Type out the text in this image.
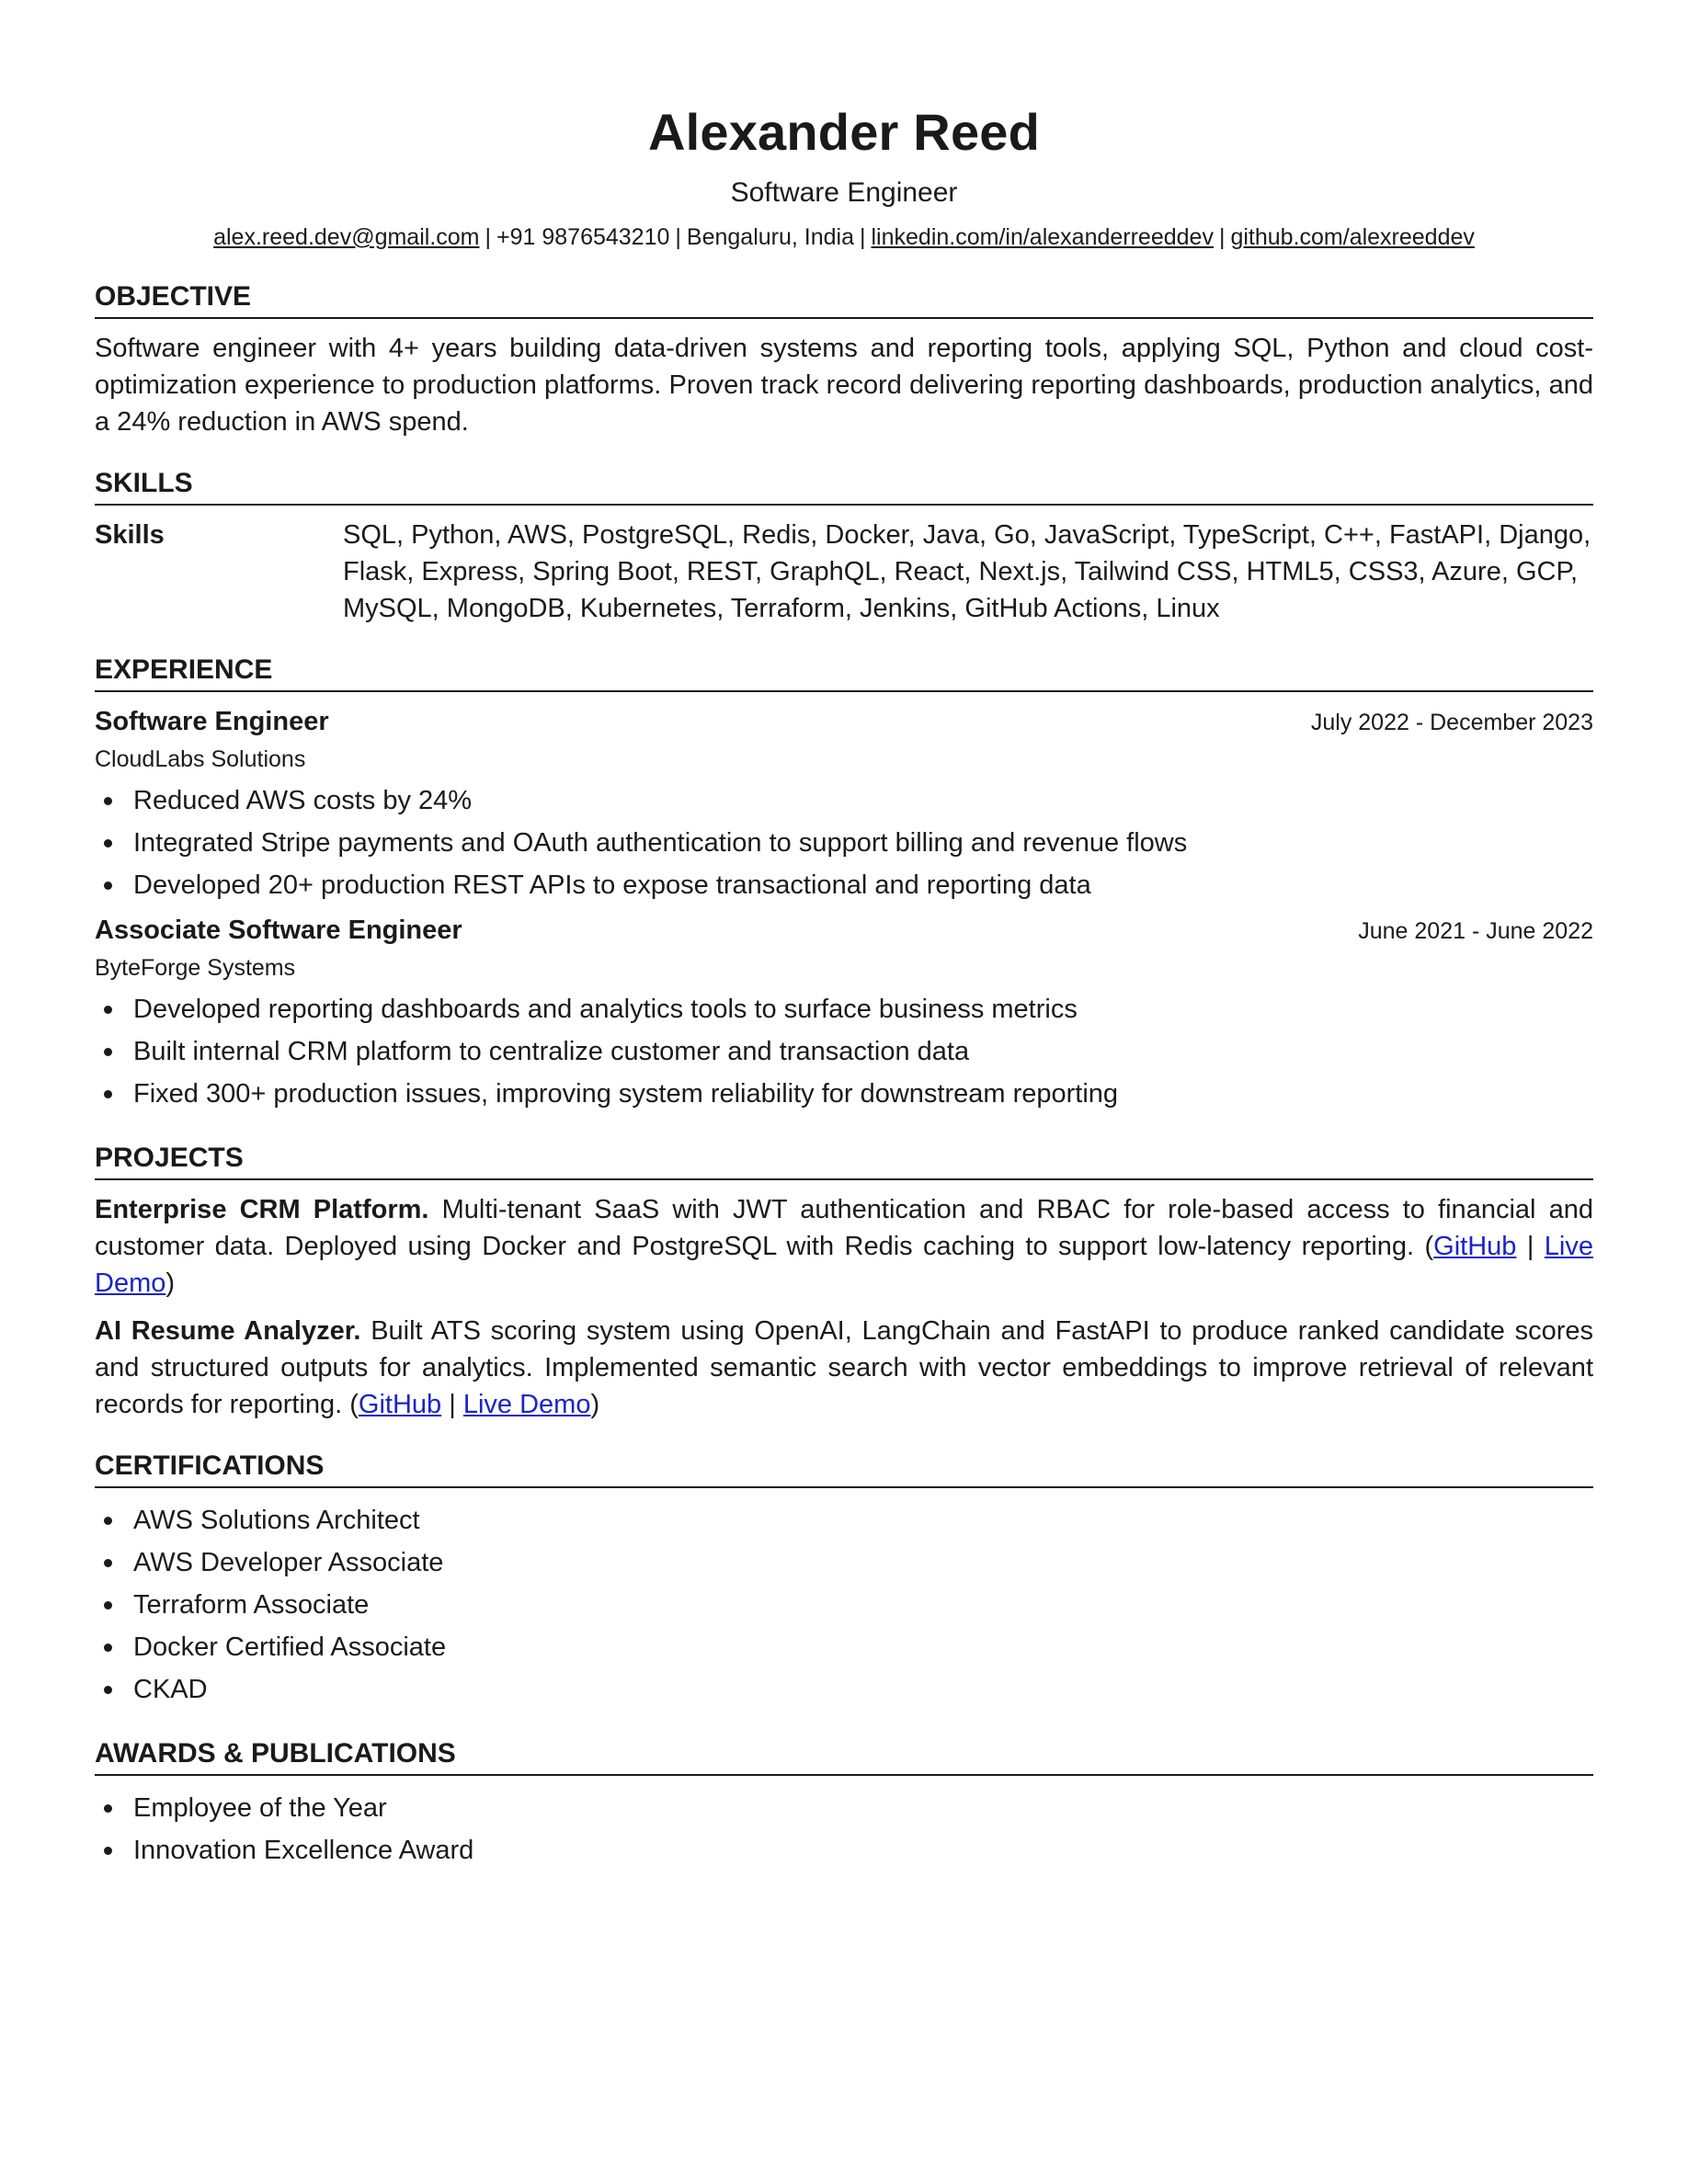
Alexander Reed
Software Engineer
alex.reed.dev@gmail.com | +91 9876543210 | Bengaluru, India | linkedin.com/in/alexanderreeddev | github.com/alexreeddev
OBJECTIVE

Software engineer with 4+ years building data-driven systems and reporting tools, applying SQL, Python and cloud cost-optimization experience to production platforms. Proven track record delivering reporting dashboards, production analytics, and a 24% reduction in AWS spend.

SKILLS
Skills	SQL, Python, AWS, PostgreSQL, Redis, Docker, Java, Go, JavaScript, TypeScript, C++, FastAPI, Django, Flask, Express, Spring Boot, REST, GraphQL, React, Next.js, Tailwind CSS, HTML5, CSS3, Azure, GCP, MySQL, MongoDB, Kubernetes, Terraform, Jenkins, GitHub Actions, Linux
EXPERIENCE
Software Engineer	July 2022 - December 2023
CloudLabs Solutions
Reduced AWS costs by 24%
Integrated Stripe payments and OAuth authentication to support billing and revenue flows
Developed 20+ production REST APIs to expose transactional and reporting data
Associate Software Engineer	June 2021 - June 2022
ByteForge Systems
Developed reporting dashboards and analytics tools to surface business metrics
Built internal CRM platform to centralize customer and transaction data
Fixed 300+ production issues, improving system reliability for downstream reporting
PROJECTS

Enterprise CRM Platform. Multi-tenant SaaS with JWT authentication and RBAC for role-based access to financial and customer data. Deployed using Docker and PostgreSQL with Redis caching to support low-latency reporting. (GitHub | Live Demo)

AI Resume Analyzer. Built ATS scoring system using OpenAI, LangChain and FastAPI to produce ranked candidate scores and structured outputs for analytics. Implemented semantic search with vector embeddings to improve retrieval of relevant records for reporting. (GitHub | Live Demo)

CERTIFICATIONS
AWS Solutions Architect
AWS Developer Associate
Terraform Associate
Docker Certified Associate
CKAD
AWARDS & PUBLICATIONS
Employee of the Year
Innovation Excellence Award
